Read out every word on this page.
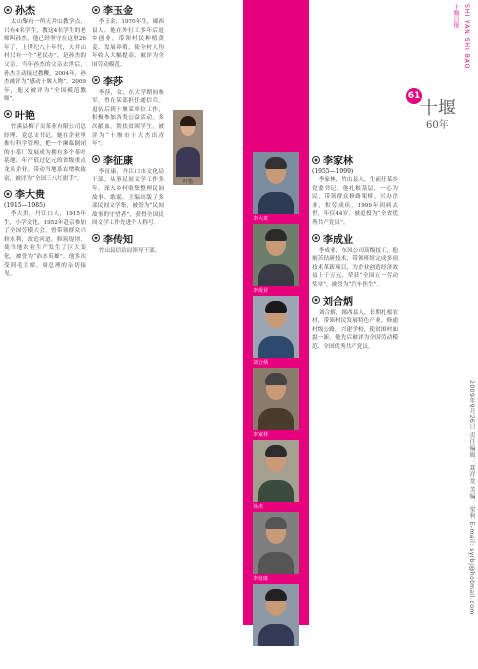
孙杰

太山黎有一所天井山教学点，只有4名学生，教这4名学生的老师叫孙杰。他已经坚守在这里26年了，上世纪八十年代，天井山村只有一个“老民办”，是孙杰的父亲。当年孙杰的父亲去世后，孙杰主动接过教鞭，2004年，孙杰被评为“感动十堰人物”，2009年，他又被评为“全国模范教师”。

叶艳

竹溪县梅子贡茶业有限公司总经理、党总支书记。她在企业里推行科学管理，把一个濒临倒闭的小茶厂发展成为拥有多个茶叶基地、年产值过亿元的省级重点龙头企业。带动当地茶农增收致富，被评为“全国三八红旗手”。

李大贵
(1915—1985)

李大贵，丹江口人，1915年生，小学文化，1952年赴京参加了全国劳模大会。曾带领群众兴修水利，改造河道，修筑堤坝，使当地农业生产发生了巨大变化，被誉为“治水英雄”。他多次受到毛主席、周总理的亲切接见。

李玉金

李玉金，1970年生，郧西县人。他在外打工多年后返乡创业，带领村民种植黄姜、发展养殖，使全村人均年收入大幅提高，被评为全国劳动模范。

李莎

李莎，女，在大学期间参军，曾在某部担任通信兵。退伍后到十堰某单位工作，积极参加各类公益活动，多次献血，帮扶贫困学生，被评为“十堰市十大杰出青年”。

李征康

李征康，丹江口市文化局干部，从事民间文学工作多年，深入乡村收集整理民间故事、歌谣，主编出版了多部民间文学集，被誉为“民间故事的守望者”，获得全国民间文学工作先进个人称号。

李传知

竹山县信访局领导干部。

叶艳
李大贵
李成业
刘合炳
李家林
孙杰
李征康
李玉金
李家林
(1955—1999)

李家林，竹山县人，生前任某乡党委书记。他扎根基层，一心为民，带领群众修路架桥、兴办企业，积劳成疾，1999年因病去世，年仅44岁。被追授为“全省优秀共产党员”。

李成业

李成业，东风公司高级技工，他刻苦钻研技术，带领班组完成多项技术革新项目，为企业创造经济效益上千万元，荣获“全国五一劳动奖章”，被誉为“汽车医生”。

刘合炳

刘合炳，郧西县人，长期扎根农村，带领村民发展特色产业，修通村级公路，兴建学校，使贫困村面貌一新。他先后被评为全国劳动模范、全国优秀共产党员。

SHI YAN SHI BAO
十堰日报
61
十堰
60年
2009年9月26日 责任编辑：聂祥龙 美编：梁利 E-mail: syrbj@hotmail.com
